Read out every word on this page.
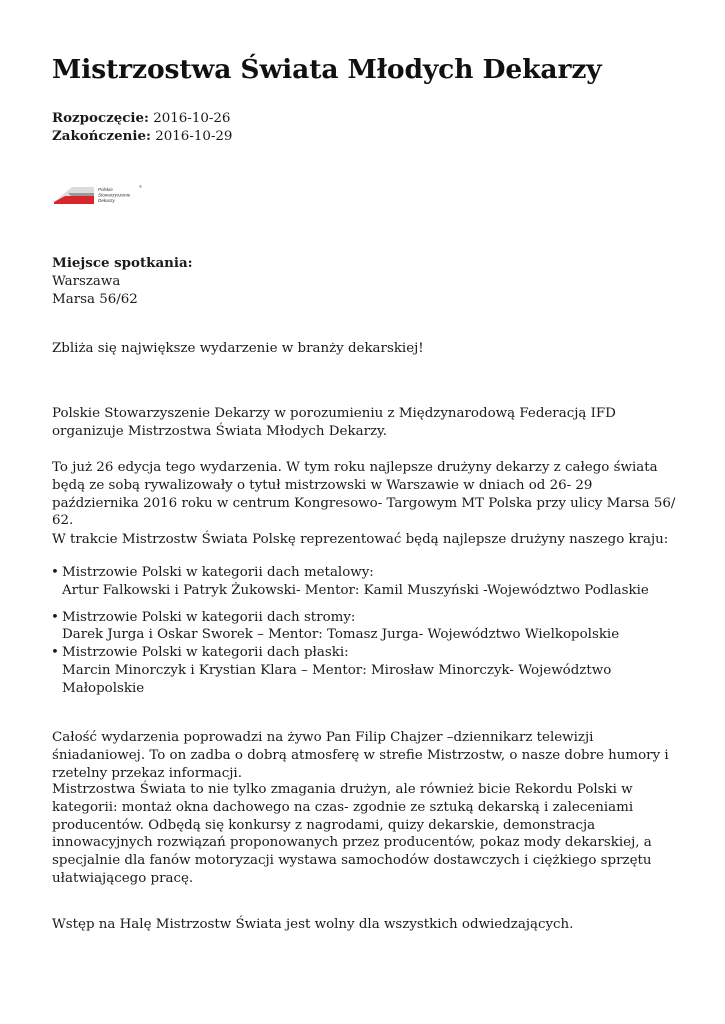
Mistrzostwa Świata Młodych Dekarzy
Rozpoczęcie: 2016-10-26
Zakończenie: 2016-10-29
Polskie
Stowarzyszenie
Dekarzy
®
Miejsce spotkania:
Warszawa
Marsa 56/62

Zbliża się największe wydarzenie w branży dekarskiej!

Polskie Stowarzyszenie Dekarzy w porozumieniu z Międzynarodową Federacją IFD organizuje Mistrzostwa Świata Młodych Dekarzy.

To już 26 edycja tego wydarzenia. W tym roku najlepsze drużyny dekarzy z całego świata będą ze sobą rywalizowały o tytuł mistrzowski w Warszawie w dniach od 26- 29 października 2016 roku w centrum Kongresowo- Targowym MT Polska przy ulicy Marsa 56/ 62.

W trakcie Mistrzostw Świata Polskę reprezentować będą najlepsze drużyny naszego kraju:

• Mistrzowie Polski w kategorii dach metalowy:
Artur Falkowski i Patryk Żukowski- Mentor: Kamil Muszyński -Województwo Podlaskie
• Mistrzowie Polski w kategorii dach stromy:
Darek Jurga i Oskar Sworek – Mentor: Tomasz Jurga- Województwo Wielkopolskie
• Mistrzowie Polski w kategorii dach płaski:
Marcin Minorczyk i Krystian Klara – Mentor: Mirosław Minorczyk- Województwo Małopolskie

Całość wydarzenia poprowadzi na żywo Pan Filip Chajzer –dziennikarz telewizji śniadaniowej. To on zadba o dobrą atmosferę w strefie Mistrzostw, o nasze dobre humory i rzetelny przekaz informacji.

Mistrzostwa Świata to nie tylko zmagania drużyn, ale również bicie Rekordu Polski w kategorii: montaż okna dachowego na czas- zgodnie ze sztuką dekarską i zaleceniami producentów. Odbędą się konkursy z nagrodami, quizy dekarskie, demonstracja innowacyjnych rozwiązań proponowanych przez producentów, pokaz mody dekarskiej, a specjalnie dla fanów motoryzacji wystawa samochodów dostawczych i ciężkiego sprzętu ułatwiającego pracę.

Wstęp na Halę Mistrzostw Świata jest wolny dla wszystkich odwiedzających.
